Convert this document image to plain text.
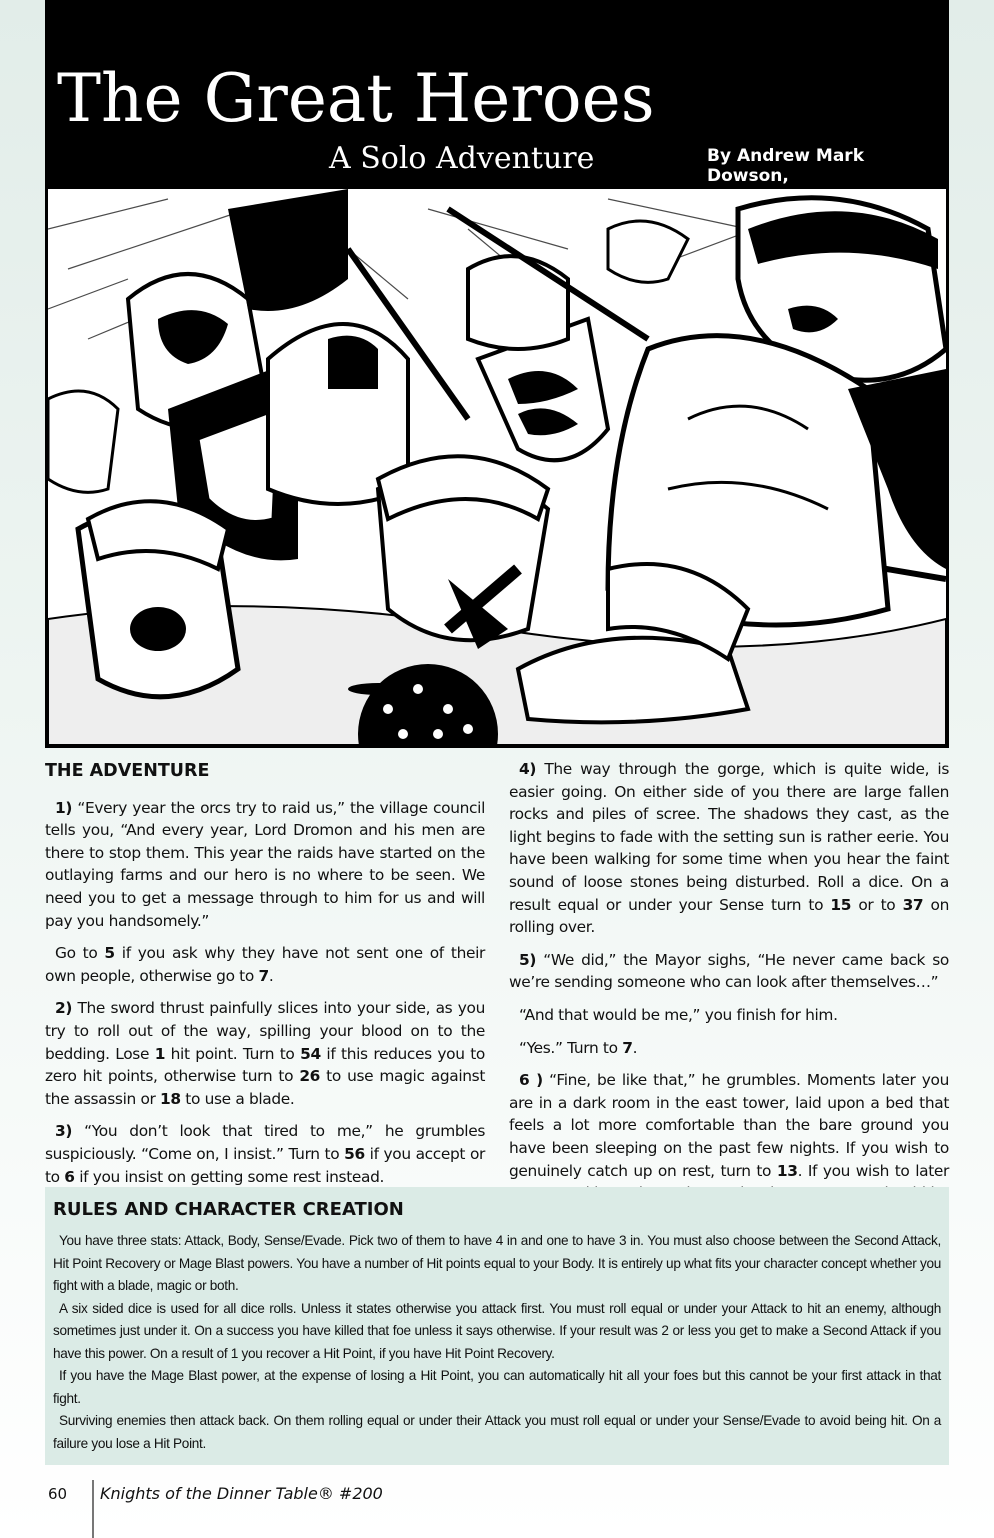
The Great Heroes
A Solo Adventure	By Andrew Mark Dowson,
THE ADVENTURE

1) “Every year the orcs try to raid us,” the village council tells you, “And every year, Lord Dromon and his men are there to stop them. This year the raids have started on the outlaying farms and our hero is no where to be seen. We need you to get a message through to him for us and will pay you handsomely.”

Go to 5 if you ask why they have not sent one of their own people, otherwise go to 7.

2) The sword thrust painfully slices into your side, as you try to roll out of the way, spilling your blood on to the bedding. Lose 1 hit point. Turn to 54 if this reduces you to zero hit points, otherwise turn to 26 to use magic against the assassin or 18 to use a blade.

3) “You don’t look that tired to me,” he grumbles suspiciously. “Come on, I insist.” Turn to 56 if you accept or to 6 if you insist on getting some rest instead.

4) The way through the gorge, which is quite wide, is easier going. On either side of you there are large fallen rocks and piles of scree. The shadows they cast, as the light begins to fade with the setting sun is rather eerie. You have been walking for some time when you hear the faint sound of loose stones being disturbed. Roll a dice. On a result equal or under your Sense turn to 15 or to 37 on rolling over.

5) “We did,” the Mayor sighs, “He never came back so we’re sending someone who can look after themselves…”

“And that would be me,” you finish for him.

“Yes.” Turn to 7.

6 ) “Fine, be like that,” he grumbles. Moments later you are in a dark room in the east tower, laid upon a bed that feels a lot more comfortable than the bare ground you have been sleeping on the past few nights. If you wish to genuinely catch up on rest, turn to 13. If you wish to later

RULES AND CHARACTER CREATION

You have three stats: Attack, Body, Sense/Evade. Pick two of them to have 4 in and one to have 3 in. You must also choose between the Second Attack, Hit Point Recovery or Mage Blast powers. You have a number of Hit points equal to your Body. It is entirely up what fits your character concept whether you fight with a blade, magic or both.

A six sided dice is used for all dice rolls. Unless it states otherwise you attack first. You must roll equal or under your Attack to hit an enemy, although sometimes just under it. On a success you have killed that foe unless it says otherwise. If your result was 2 or less you get to make a Second Attack if you have this power. On a result of 1 you recover a Hit Point, if you have Hit Point Recovery.

If you have the Mage Blast power, at the expense of losing a Hit Point, you can automatically hit all your foes but this cannot be your first attack in that fight.

Surviving enemies then attack back. On them rolling equal or under their Attack you must roll equal or under your Sense/Evade to avoid being hit. On a failure you lose a Hit Point.

60 Knights of the Dinner Table® #200
